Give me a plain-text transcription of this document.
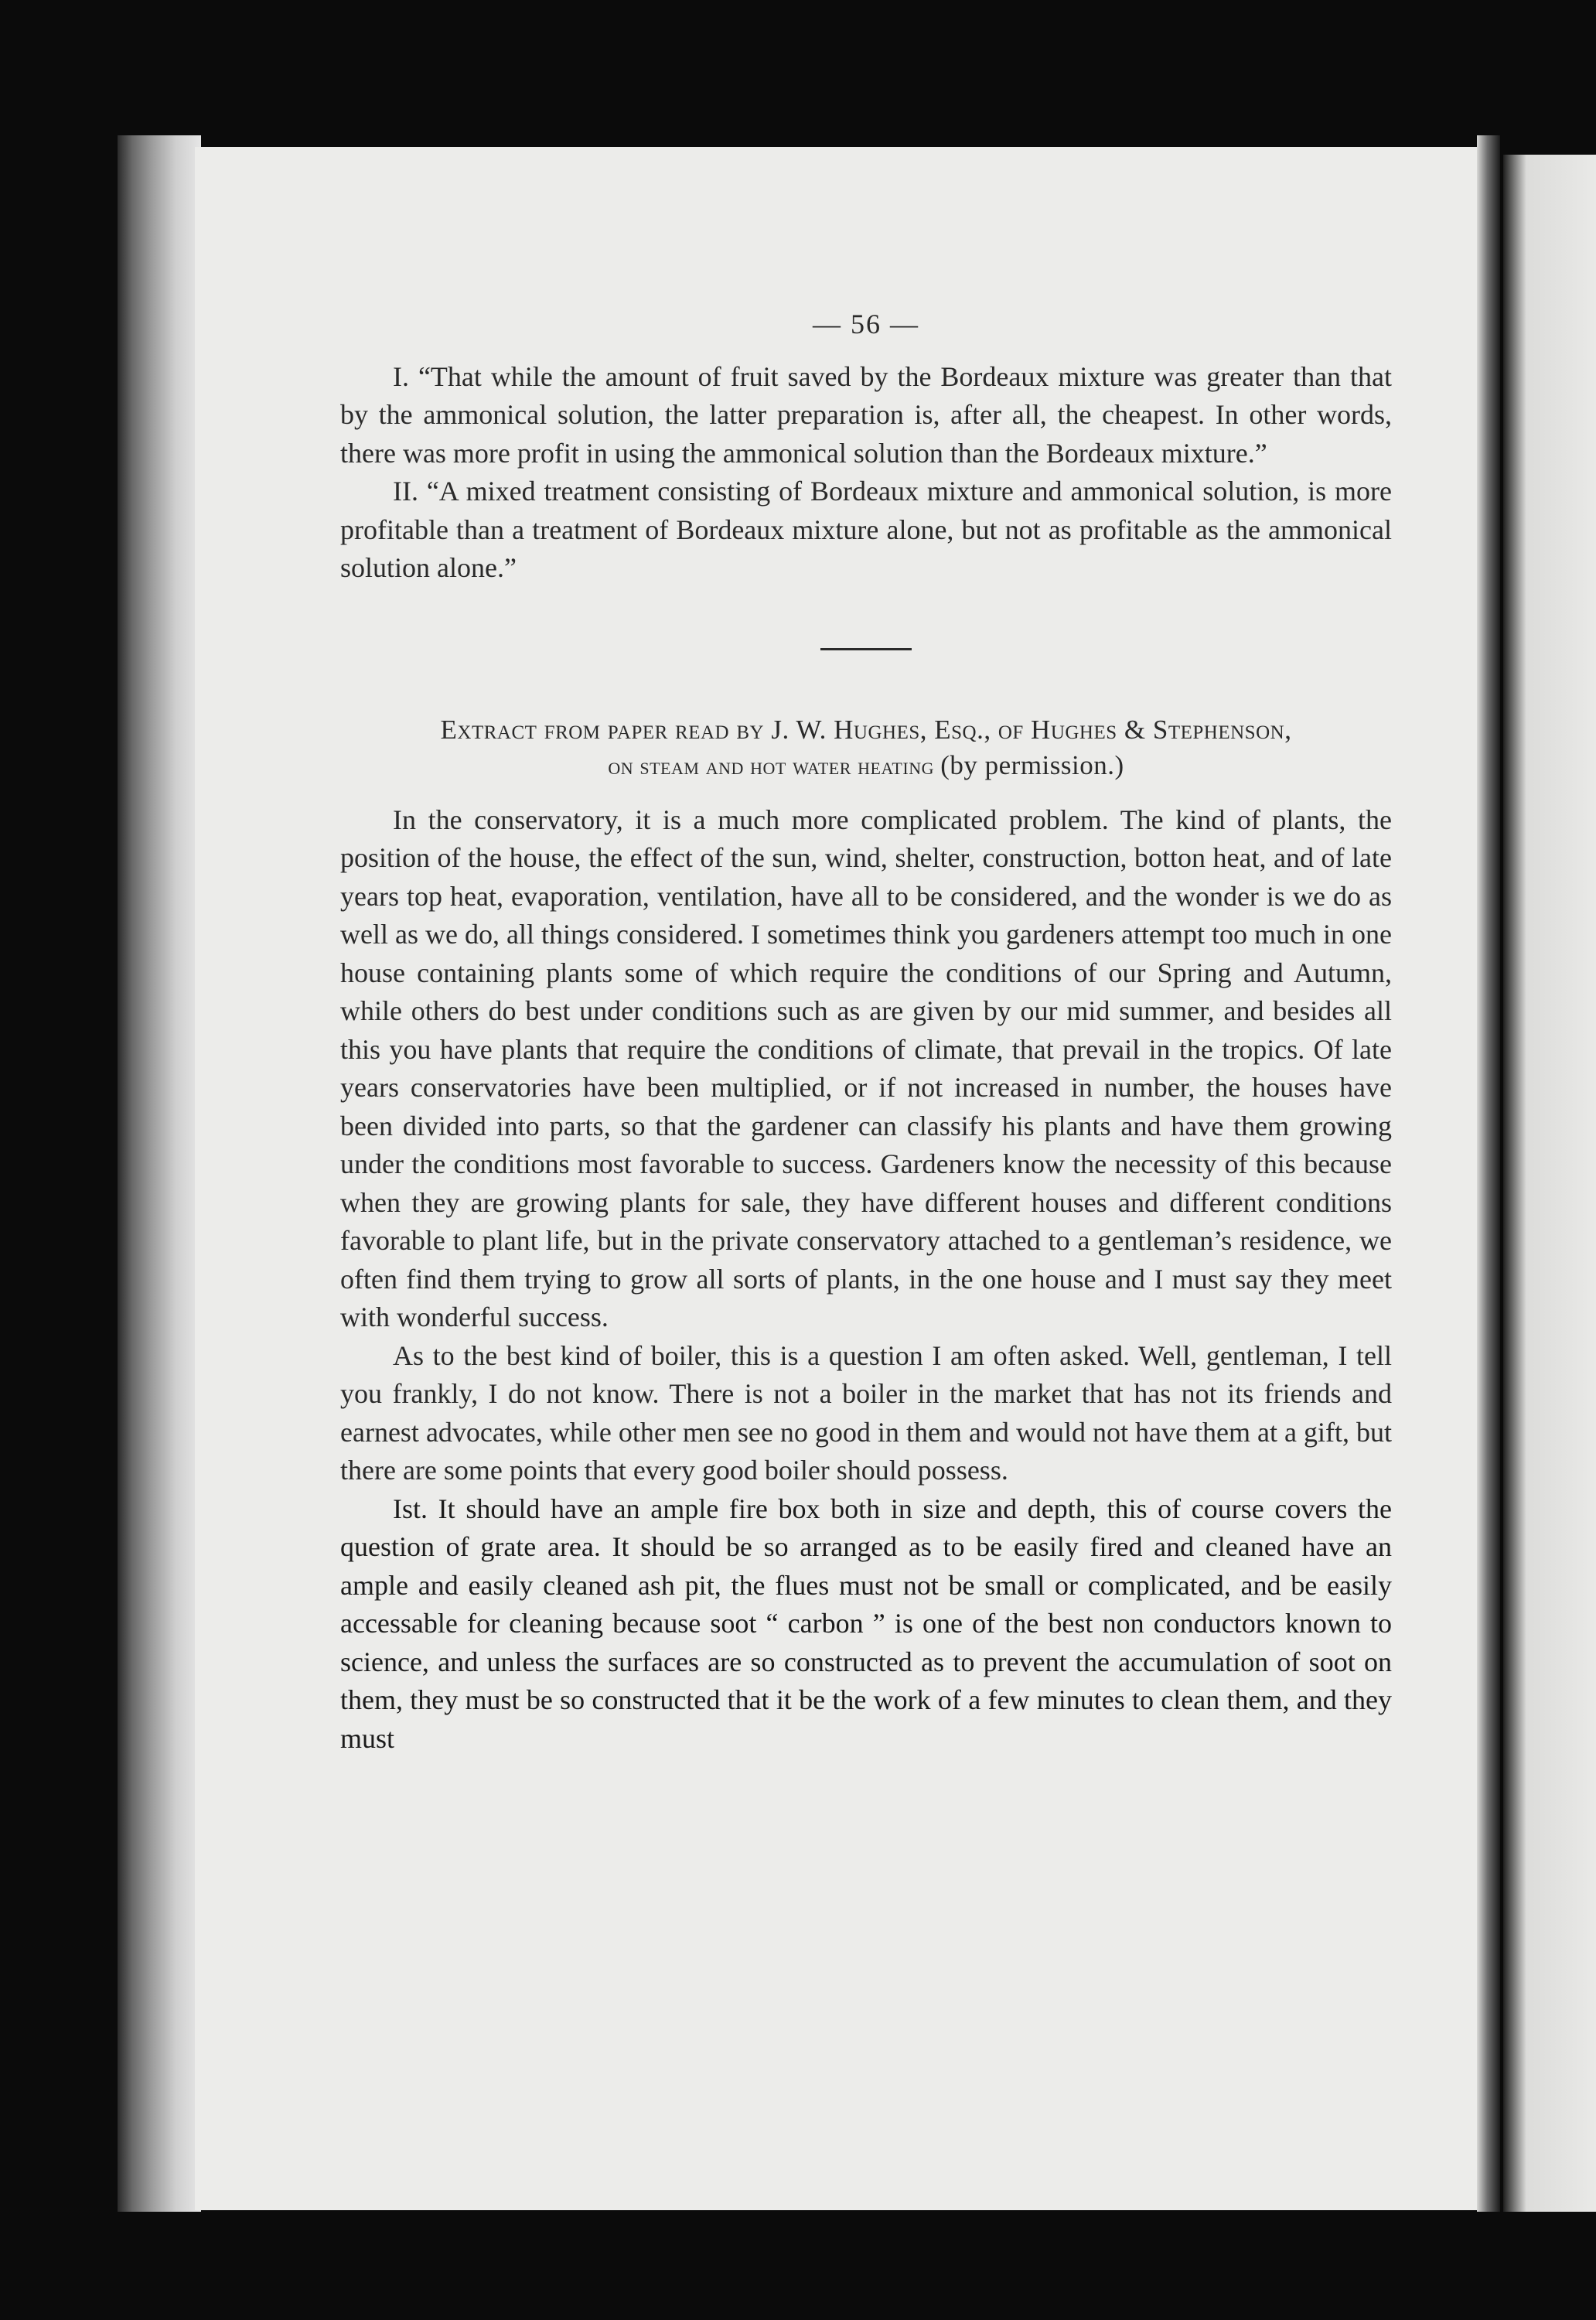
— 56 —

I. “That while the amount of fruit saved by the Bordeaux mixture was greater than that by the ammonical solution, the latter preparation is, after all, the cheapest. In other words, there was more profit in using the ammonical solution than the Bordeaux mixture.”

II. “A mixed treatment consisting of Bordeaux mixture and ammonical solution, is more profitable than a treatment of Bordeaux mixture alone, but not as profitable as the ammonical solution alone.”

Extract from paper read by J. W. Hughes, Esq., of Hughes & Stephenson,
on steam and hot water heating (by permission.)

In the conservatory, it is a much more complicated problem. The kind of plants, the position of the house, the effect of the sun, wind, shelter, construction, botton heat, and of late years top heat, evaporation, ventilation, have all to be considered, and the wonder is we do as well as we do, all things considered. I sometimes think you gardeners attempt too much in one house containing plants some of which require the conditions of our Spring and Autumn, while others do best under conditions such as are given by our mid summer, and besides all this you have plants that require the conditions of climate, that prevail in the tropics. Of late years conservatories have been multiplied, or if not increased in number, the houses have been divided into parts, so that the gardener can classify his plants and have them growing under the conditions most favorable to success. Gardeners know the necessity of this because when they are growing plants for sale, they have different houses and different conditions favorable to plant life, but in the private conservatory attached to a gentleman’s residence, we often find them trying to grow all sorts of plants, in the one house and I must say they meet with wonderful success.

As to the best kind of boiler, this is a question I am often asked. Well, gentleman, I tell you frankly, I do not know. There is not a boiler in the market that has not its friends and earnest advocates, while other men see no good in them and would not have them at a gift, but there are some points that every good boiler should possess.

Ist. It should have an ample fire box both in size and depth, this of course covers the question of grate area. It should be so arranged as to be easily fired and cleaned have an ample and easily cleaned ash pit, the flues must not be small or complicated, and be easily accessable for cleaning because soot “ carbon ” is one of the best non conductors known to science, and unless the surfaces are so constructed as to prevent the accumulation of soot on them, they must be so constructed that it be the work of a few minutes to clean them, and they must
